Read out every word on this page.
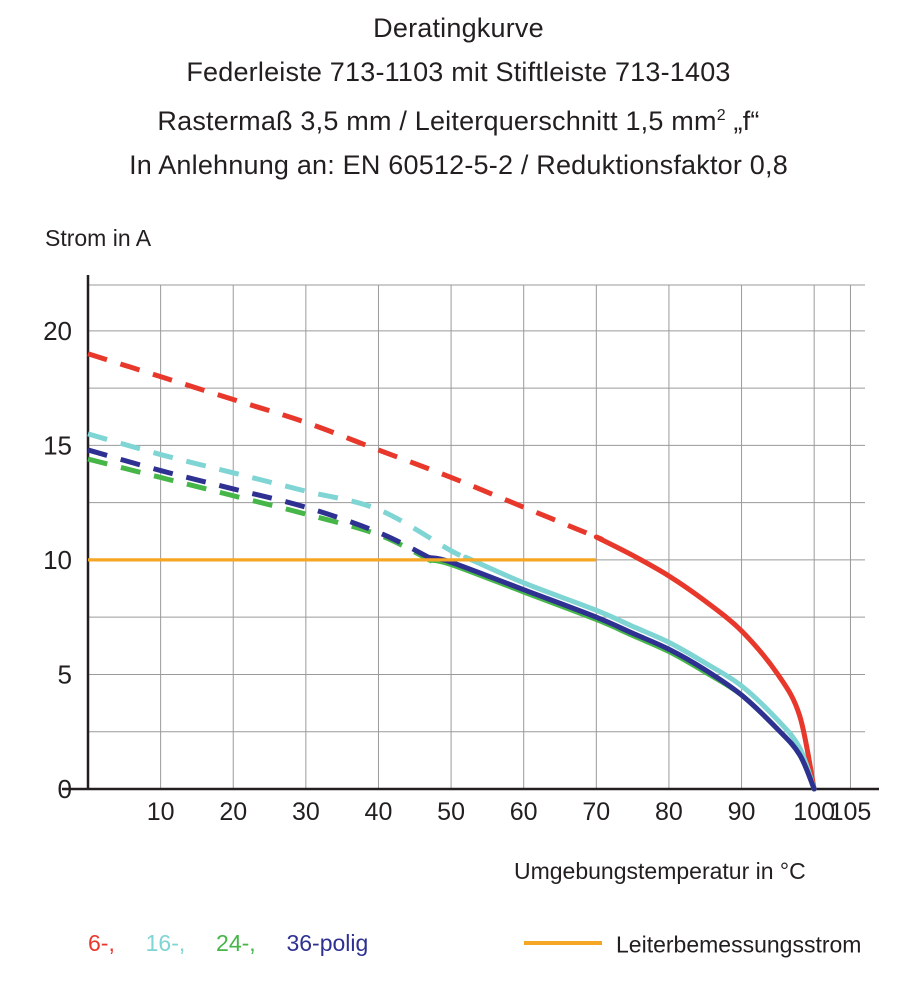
Deratingkurve
Federleiste 713-1103 mit Stiftleiste 713-1403
Rastermaß 3,5 mm / Leiterquerschnitt 1,5 $mm^2$ „f“
In Anlehnung an: EN 60512-5-2 / Reduktionsfaktor 0,8
Strom in A
Umgebungstemperatur in °C
10 20 30 40 50 60 70 80 90 100
105
0
5
10
15
20
6-, 16-, 24-, 36-polig	Leiterbemessungsstrom
